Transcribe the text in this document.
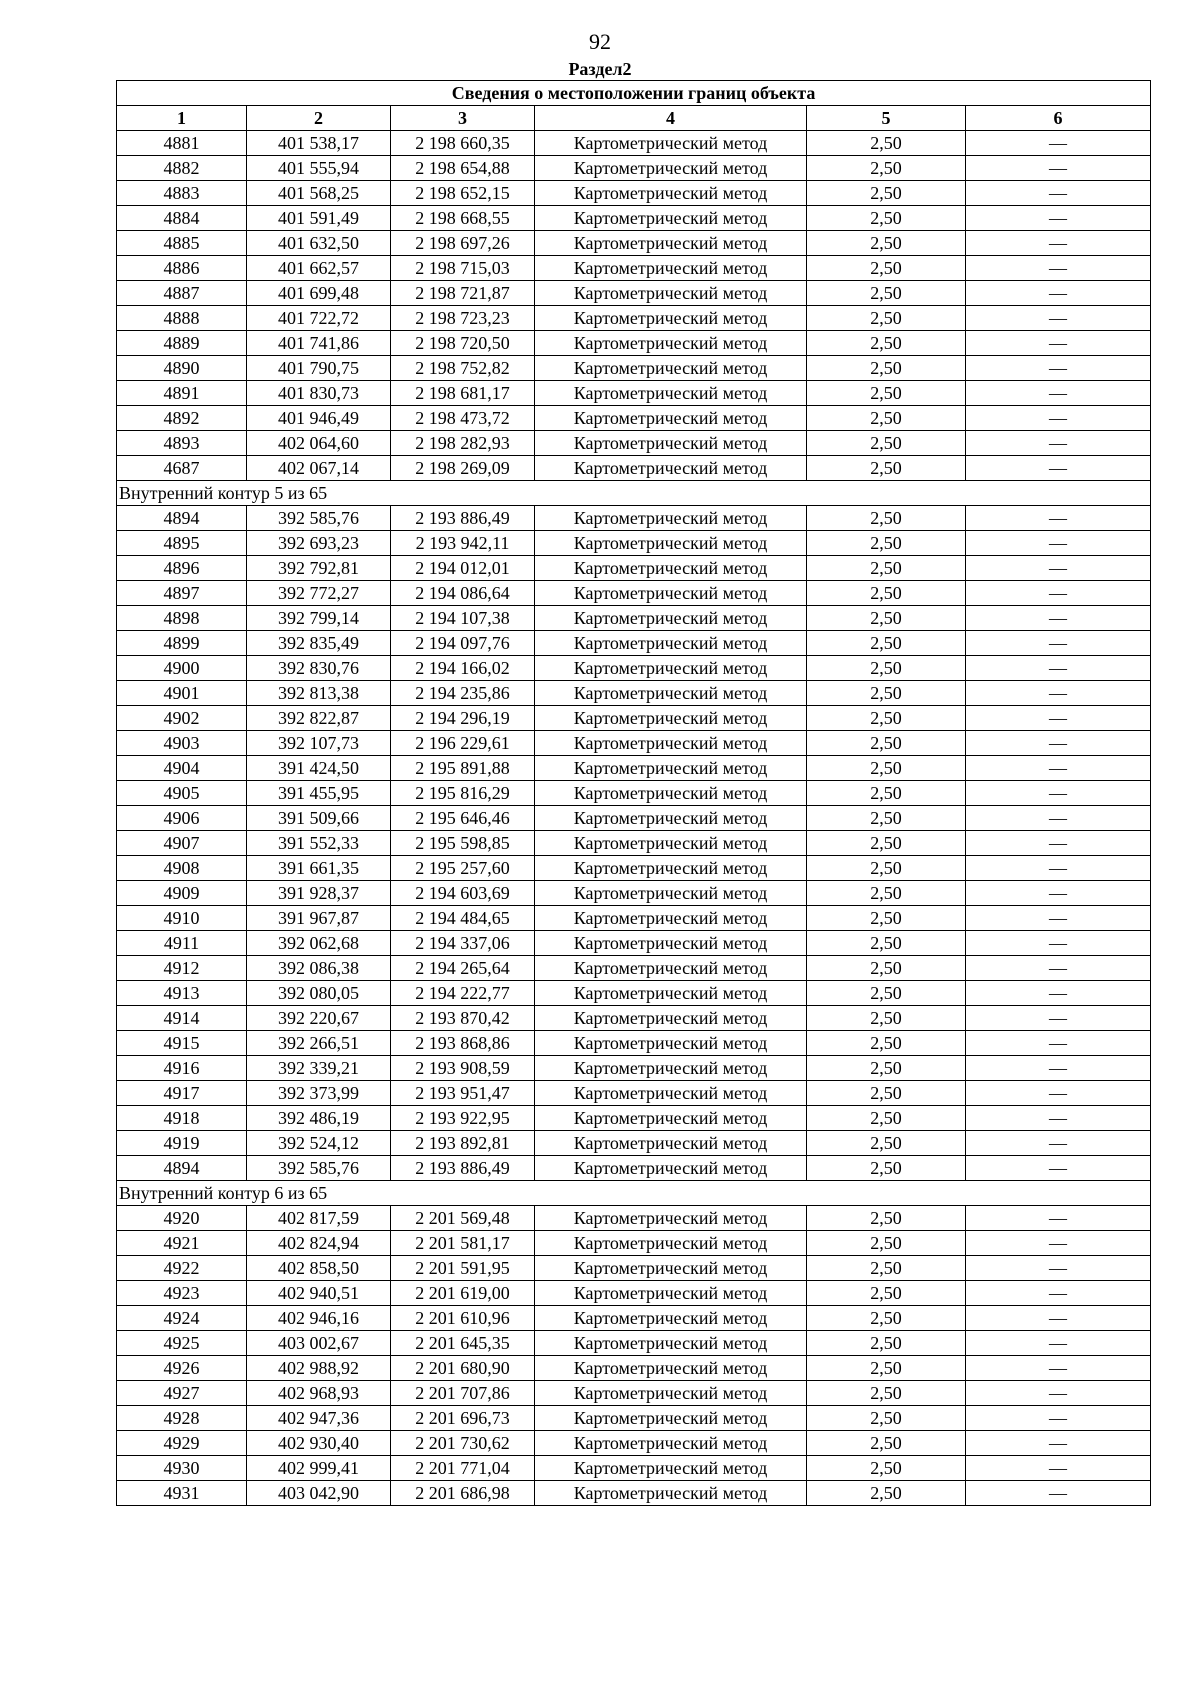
92
Раздел2
Сведения о местоположении границ объекта					
1	2	3	4	5	6
4881	401 538,17	2 198 660,35	Картометрический метод	2,50	—
4882	401 555,94	2 198 654,88	Картометрический метод	2,50	—
4883	401 568,25	2 198 652,15	Картометрический метод	2,50	—
4884	401 591,49	2 198 668,55	Картометрический метод	2,50	—
4885	401 632,50	2 198 697,26	Картометрический метод	2,50	—
4886	401 662,57	2 198 715,03	Картометрический метод	2,50	—
4887	401 699,48	2 198 721,87	Картометрический метод	2,50	—
4888	401 722,72	2 198 723,23	Картометрический метод	2,50	—
4889	401 741,86	2 198 720,50	Картометрический метод	2,50	—
4890	401 790,75	2 198 752,82	Картометрический метод	2,50	—
4891	401 830,73	2 198 681,17	Картометрический метод	2,50	—
4892	401 946,49	2 198 473,72	Картометрический метод	2,50	—
4893	402 064,60	2 198 282,93	Картометрический метод	2,50	—
4687	402 067,14	2 198 269,09	Картометрический метод	2,50	—
Внутренний контур 5 из 65					
4894	392 585,76	2 193 886,49	Картометрический метод	2,50	—
4895	392 693,23	2 193 942,11	Картометрический метод	2,50	—
4896	392 792,81	2 194 012,01	Картометрический метод	2,50	—
4897	392 772,27	2 194 086,64	Картометрический метод	2,50	—
4898	392 799,14	2 194 107,38	Картометрический метод	2,50	—
4899	392 835,49	2 194 097,76	Картометрический метод	2,50	—
4900	392 830,76	2 194 166,02	Картометрический метод	2,50	—
4901	392 813,38	2 194 235,86	Картометрический метод	2,50	—
4902	392 822,87	2 194 296,19	Картометрический метод	2,50	—
4903	392 107,73	2 196 229,61	Картометрический метод	2,50	—
4904	391 424,50	2 195 891,88	Картометрический метод	2,50	—
4905	391 455,95	2 195 816,29	Картометрический метод	2,50	—
4906	391 509,66	2 195 646,46	Картометрический метод	2,50	—
4907	391 552,33	2 195 598,85	Картометрический метод	2,50	—
4908	391 661,35	2 195 257,60	Картометрический метод	2,50	—
4909	391 928,37	2 194 603,69	Картометрический метод	2,50	—
4910	391 967,87	2 194 484,65	Картометрический метод	2,50	—
4911	392 062,68	2 194 337,06	Картометрический метод	2,50	—
4912	392 086,38	2 194 265,64	Картометрический метод	2,50	—
4913	392 080,05	2 194 222,77	Картометрический метод	2,50	—
4914	392 220,67	2 193 870,42	Картометрический метод	2,50	—
4915	392 266,51	2 193 868,86	Картометрический метод	2,50	—
4916	392 339,21	2 193 908,59	Картометрический метод	2,50	—
4917	392 373,99	2 193 951,47	Картометрический метод	2,50	—
4918	392 486,19	2 193 922,95	Картометрический метод	2,50	—
4919	392 524,12	2 193 892,81	Картометрический метод	2,50	—
4894	392 585,76	2 193 886,49	Картометрический метод	2,50	—
Внутренний контур 6 из 65					
4920	402 817,59	2 201 569,48	Картометрический метод	2,50	—
4921	402 824,94	2 201 581,17	Картометрический метод	2,50	—
4922	402 858,50	2 201 591,95	Картометрический метод	2,50	—
4923	402 940,51	2 201 619,00	Картометрический метод	2,50	—
4924	402 946,16	2 201 610,96	Картометрический метод	2,50	—
4925	403 002,67	2 201 645,35	Картометрический метод	2,50	—
4926	402 988,92	2 201 680,90	Картометрический метод	2,50	—
4927	402 968,93	2 201 707,86	Картометрический метод	2,50	—
4928	402 947,36	2 201 696,73	Картометрический метод	2,50	—
4929	402 930,40	2 201 730,62	Картометрический метод	2,50	—
4930	402 999,41	2 201 771,04	Картометрический метод	2,50	—
4931	403 042,90	2 201 686,98	Картометрический метод	2,50	—
